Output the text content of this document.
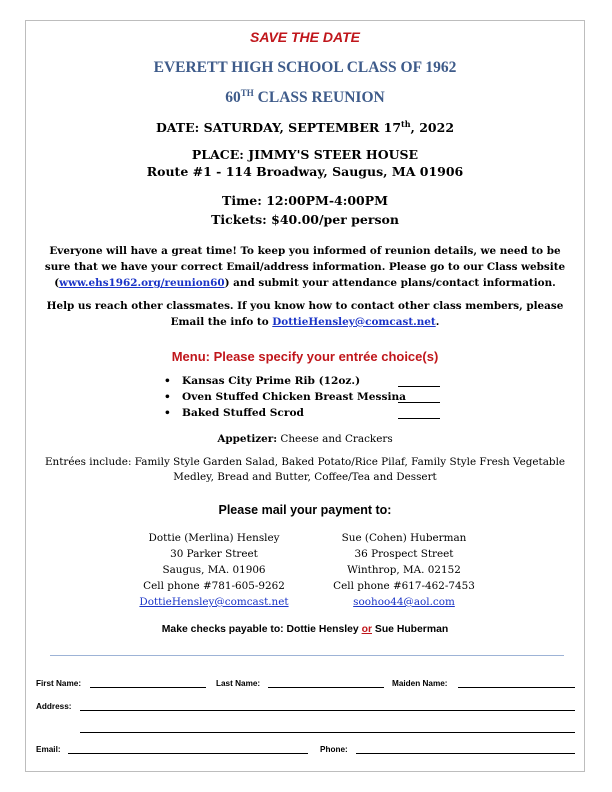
SAVE THE DATE
EVERETT HIGH SCHOOL CLASS OF 1962
60TH CLASS REUNION
DATE: SATURDAY, SEPTEMBER 17th, 2022
PLACE: JIMMY'S STEER HOUSE
Route #1 - 114 Broadway, Saugus, MA 01906
Time: 12:00PM-4:00PM
Tickets: $40.00/per person
Everyone will have a great time! To keep you informed of reunion details, we need to be sure that we have your correct Email/address information. Please go to our Class website (www.ehs1962.org/reunion60) and submit your attendance plans/contact information.
Help us reach other classmates. If you know how to contact other class members, please Email the info to DottieHensley@comcast.net.
Menu: Please specify your entrée choice(s)
• Kansas City Prime Rib (12oz.)
• Oven Stuffed Chicken Breast Messina
• Baked Stuffed Scrod
Appetizer: Cheese and Crackers
Entrées include: Family Style Garden Salad, Baked Potato/Rice Pilaf, Family Style Fresh Vegetable Medley, Bread and Butter, Coffee/Tea and Dessert
Please mail your payment to:
Dottie (Merlina) Hensley
30 Parker Street
Saugus, MA. 01906
Cell phone #781-605-9262
DottieHensley@comcast.net
Sue (Cohen) Huberman
36 Prospect Street
Winthrop, MA. 02152
Cell phone #617-462-7453
soohoo44@aol.com
Make checks payable to: Dottie Hensley or Sue Huberman
First Name:	Last Name:	Maiden Name:
Address:
Email:	Phone:
